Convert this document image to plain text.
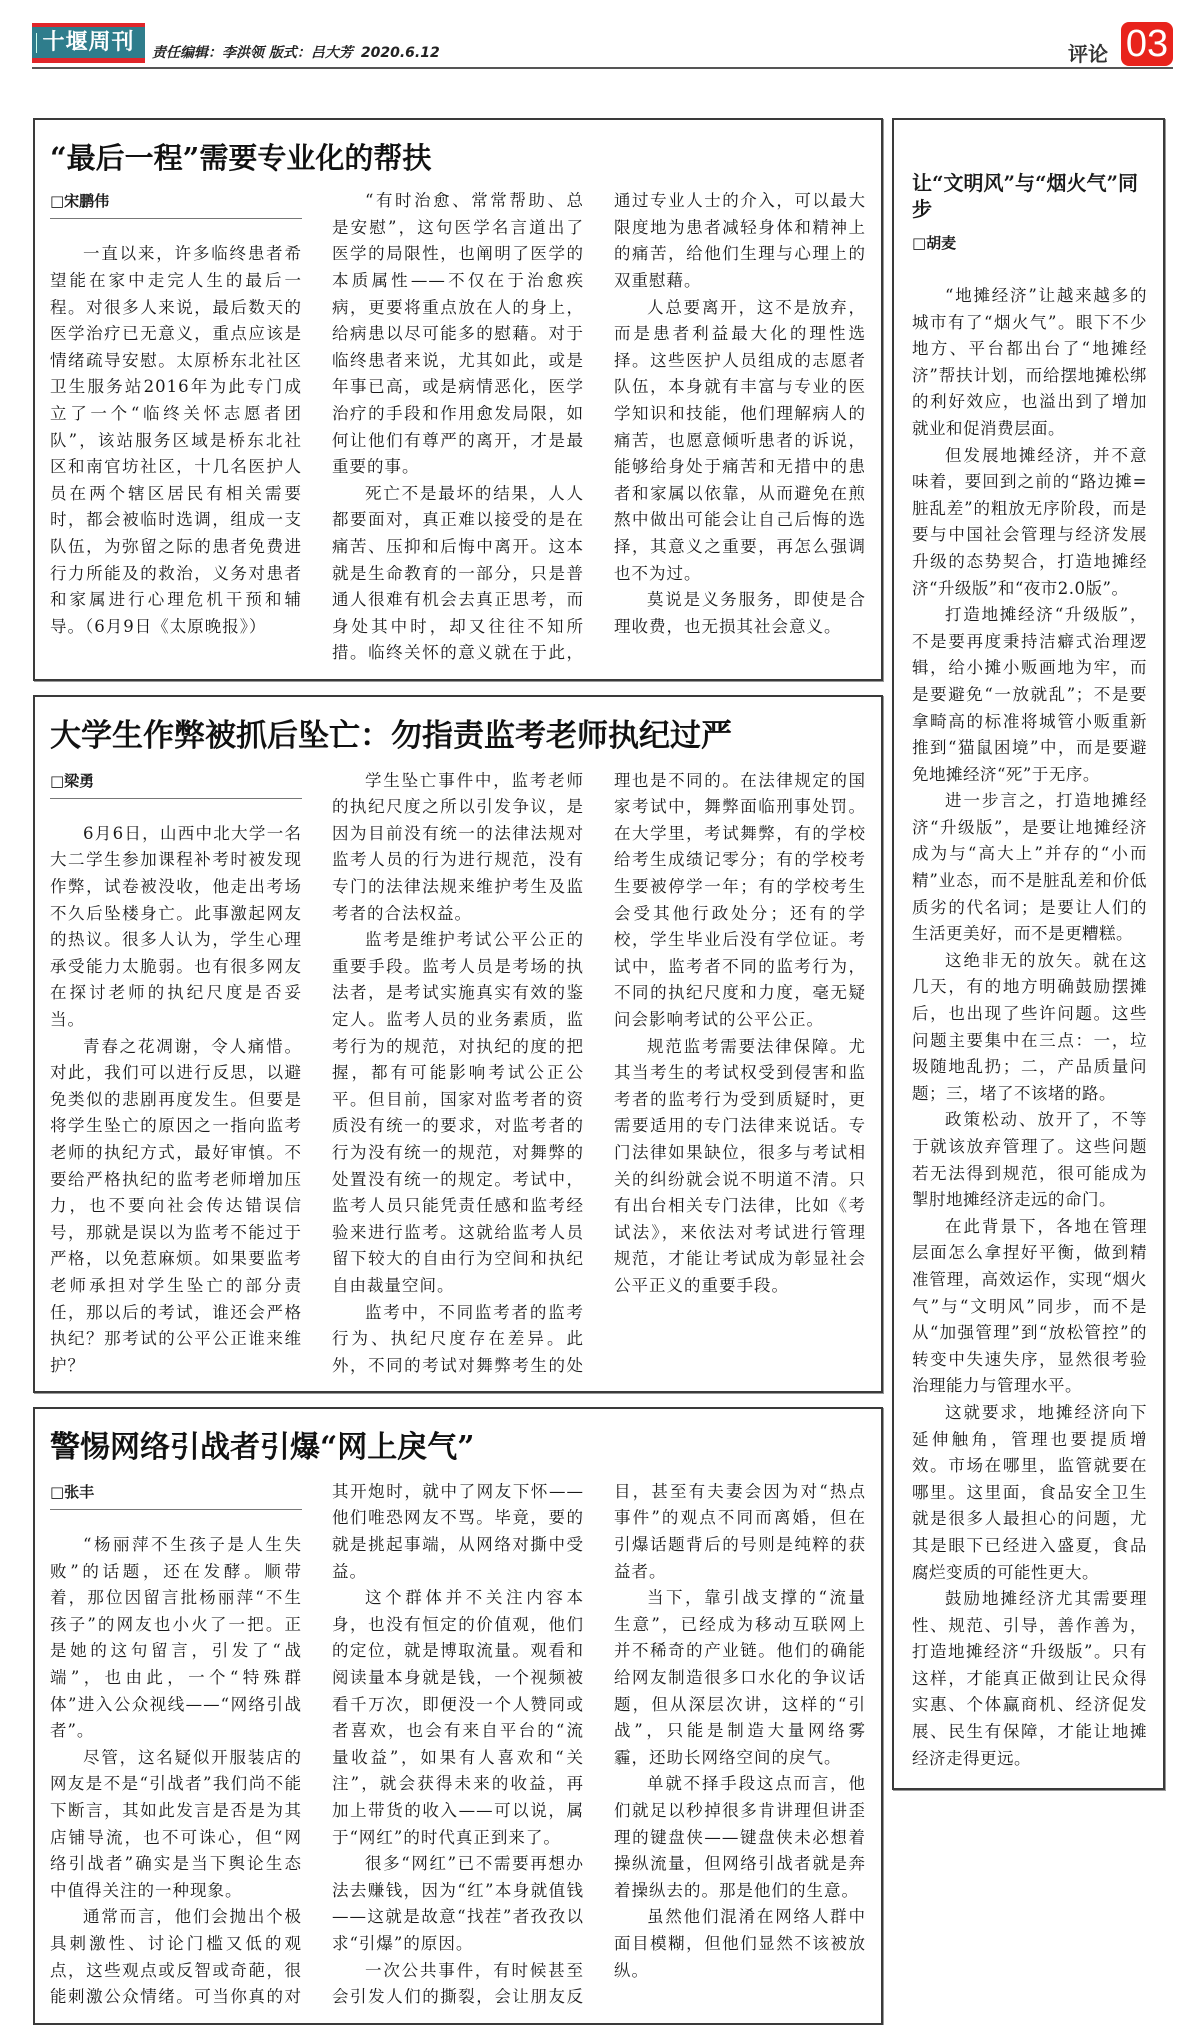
十堰周刊	责任编辑：李洪领 版式：吕大芳 2020.6.12	评论 03
“最后一程”需要专业化的帮扶
□宋鹏伟

一直以来，许多临终患者希望能在家中走完人生的最后一程。对很多人来说，最后数天的医学治疗已无意义，重点应该是情绪疏导安慰。太原桥东北社区卫生服务站2016年为此专门成立了一个“临终关怀志愿者团队”，该站服务区域是桥东北社区和南官坊社区，十几名医护人员在两个辖区居民有相关需要时，都会被临时选调，组成一支队伍，为弥留之际的患者免费进行力所能及的救治，义务对患者和家属进行心理危机干预和辅导。（6月9日《太原晚报》）

“有时治愈、常常帮助、总是安慰”，这句医学名言道出了医学的局限性，也阐明了医学的本质属性——不仅在于治愈疾病，更要将重点放在人的身上，给病患以尽可能多的慰藉。对于临终患者来说，尤其如此，或是年事已高，或是病情恶化，医学治疗的手段和作用愈发局限，如何让他们有尊严的离开，才是最重要的事。

死亡不是最坏的结果，人人都要面对，真正难以接受的是在痛苦、压抑和后悔中离开。这本就是生命教育的一部分，只是普通人很难有机会去真正思考，而身处其中时，却又往往不知所措。临终关怀的意义就在于此，通过专业人士的介入，可以最大限度地为患者减轻身体和精神上的痛苦，给他们生理与心理上的双重慰藉。

人总要离开，这不是放弃，而是患者利益最大化的理性选择。这些医护人员组成的志愿者队伍，本身就有丰富与专业的医学知识和技能，他们理解病人的痛苦，也愿意倾听患者的诉说，能够给身处于痛苦和无措中的患者和家属以依靠，从而避免在煎熬中做出可能会让自己后悔的选择，其意义之重要，再怎么强调也不为过。

莫说是义务服务，即使是合理收费，也无损其社会意义。

大学生作弊被抓后坠亡：勿指责监考老师执纪过严
□梁勇

6月6日，山西中北大学一名大二学生参加课程补考时被发现作弊，试卷被没收，他走出考场不久后坠楼身亡。此事激起网友的热议。很多人认为，学生心理承受能力太脆弱。也有很多网友在探讨老师的执纪尺度是否妥当。

青春之花凋谢，令人痛惜。对此，我们可以进行反思，以避免类似的悲剧再度发生。但要是将学生坠亡的原因之一指向监考老师的执纪方式，最好审慎。不要给严格执纪的监考老师增加压力，也不要向社会传达错误信号，那就是误以为监考不能过于严格，以免惹麻烦。如果要监考老师承担对学生坠亡的部分责任，那以后的考试，谁还会严格执纪？那考试的公平公正谁来维护？

学生坠亡事件中，监考老师的执纪尺度之所以引发争议，是因为目前没有统一的法律法规对监考人员的行为进行规范，没有专门的法律法规来维护考生及监考者的合法权益。

监考是维护考试公平公正的重要手段。监考人员是考场的执法者，是考试实施真实有效的鉴定人。监考人员的业务素质，监考行为的规范，对执纪的度的把握，都有可能影响考试公正公平。但目前，国家对监考者的资质没有统一的要求，对监考者的行为没有统一的规范，对舞弊的处置没有统一的规定。考试中，监考人员只能凭责任感和监考经验来进行监考。这就给监考人员留下较大的自由行为空间和执纪自由裁量空间。

监考中，不同监考者的监考行为、执纪尺度存在差异。此外，不同的考试对舞弊考生的处理也是不同的。在法律规定的国家考试中，舞弊面临刑事处罚。在大学里，考试舞弊，有的学校给考生成绩记零分；有的学校考生要被停学一年；有的学校考生会受其他行政处分；还有的学校，学生毕业后没有学位证。考试中，监考者不同的监考行为，不同的执纪尺度和力度，毫无疑问会影响考试的公平公正。

规范监考需要法律保障。尤其当考生的考试权受到侵害和监考者的监考行为受到质疑时，更需要适用的专门法律来说话。专门法律如果缺位，很多与考试相关的纠纷就会说不明道不清。只有出台相关专门法律，比如《考试法》，来依法对考试进行管理规范，才能让考试成为彰显社会公平正义的重要手段。

警惕网络引战者引爆“网上戾气”
□张丰

“杨丽萍不生孩子是人生失败”的话题，还在发酵。顺带着，那位因留言批杨丽萍“不生孩子”的网友也小火了一把。正是她的这句留言，引发了“战端”，也由此，一个“特殊群体”进入公众视线——“网络引战者”。

尽管，这名疑似开服装店的网友是不是“引战者”我们尚不能下断言，其如此发言是否是为其店铺导流，也不可诛心，但“网络引战者”确实是当下舆论生态中值得关注的一种现象。

通常而言，他们会抛出个极具刺激性、讨论门槛又低的观点，这些观点或反智或奇葩，很能刺激公众情绪。可当你真的对其开炮时，就中了网友下怀——他们唯恐网友不骂。毕竟，要的就是挑起事端，从网络对撕中受益。

这个群体并不关注内容本身，也没有恒定的价值观，他们的定位，就是博取流量。观看和阅读量本身就是钱，一个视频被看千万次，即便没一个人赞同或者喜欢，也会有来自平台的“流量收益”，如果有人喜欢和“关注”，就会获得未来的收益，再加上带货的收入——可以说，属于“网红”的时代真正到来了。

很多“网红”已不需要再想办法去赚钱，因为“红”本身就值钱——这就是故意“找茬”者孜孜以求“引爆”的原因。

一次公共事件，有时候甚至会引发人们的撕裂，会让朋友反目，甚至有夫妻会因为对“热点事件”的观点不同而离婚，但在引爆话题背后的号则是纯粹的获益者。

当下，靠引战支撑的“流量生意”，已经成为移动互联网上并不稀奇的产业链。他们的确能给网友制造很多口水化的争议话题，但从深层次讲，这样的“引战”，只能是制造大量网络雾霾，还助长网络空间的戾气。

单就不择手段这点而言，他们就足以秒掉很多肯讲理但讲歪理的键盘侠——键盘侠未必想着操纵流量，但网络引战者就是奔着操纵去的。那是他们的生意。

虽然他们混淆在网络人群中面目模糊，但他们显然不该被放纵。

让“文明风”与“烟火气”同步
□胡麦

“地摊经济”让越来越多的城市有了“烟火气”。眼下不少地方、平台都出台了“地摊经济”帮扶计划，而给摆地摊松绑的利好效应，也溢出到了增加就业和促消费层面。

但发展地摊经济，并不意味着，要回到之前的“路边摊=脏乱差”的粗放无序阶段，而是要与中国社会管理与经济发展升级的态势契合，打造地摊经济“升级版”和“夜市2.0版”。

打造地摊经济“升级版”，不是要再度秉持洁癖式治理逻辑，给小摊小贩画地为牢，而是要避免“一放就乱”；不是要拿畸高的标准将城管小贩重新推到“猫鼠困境”中，而是要避免地摊经济“死”于无序。

进一步言之，打造地摊经济“升级版”，是要让地摊经济成为与“高大上”并存的“小而精”业态，而不是脏乱差和价低质劣的代名词；是要让人们的生活更美好，而不是更糟糕。

这绝非无的放矢。就在这几天，有的地方明确鼓励摆摊后，也出现了些许问题。这些问题主要集中在三点：一，垃圾随地乱扔；二，产品质量问题；三，堵了不该堵的路。

政策松动、放开了，不等于就该放弃管理了。这些问题若无法得到规范，很可能成为掣肘地摊经济走远的命门。

在此背景下，各地在管理层面怎么拿捏好平衡，做到精准管理，高效运作，实现“烟火气”与“文明风”同步，而不是从“加强管理”到“放松管控”的转变中失速失序，显然很考验治理能力与管理水平。

这就要求，地摊经济向下延伸触角，管理也要提质增效。市场在哪里，监管就要在哪里。这里面，食品安全卫生就是很多人最担心的问题，尤其是眼下已经进入盛夏，食品腐烂变质的可能性更大。

鼓励地摊经济尤其需要理性、规范、引导，善作善为，打造地摊经济“升级版”。只有这样，才能真正做到让民众得实惠、个体赢商机、经济促发展、民生有保障，才能让地摊经济走得更远。
